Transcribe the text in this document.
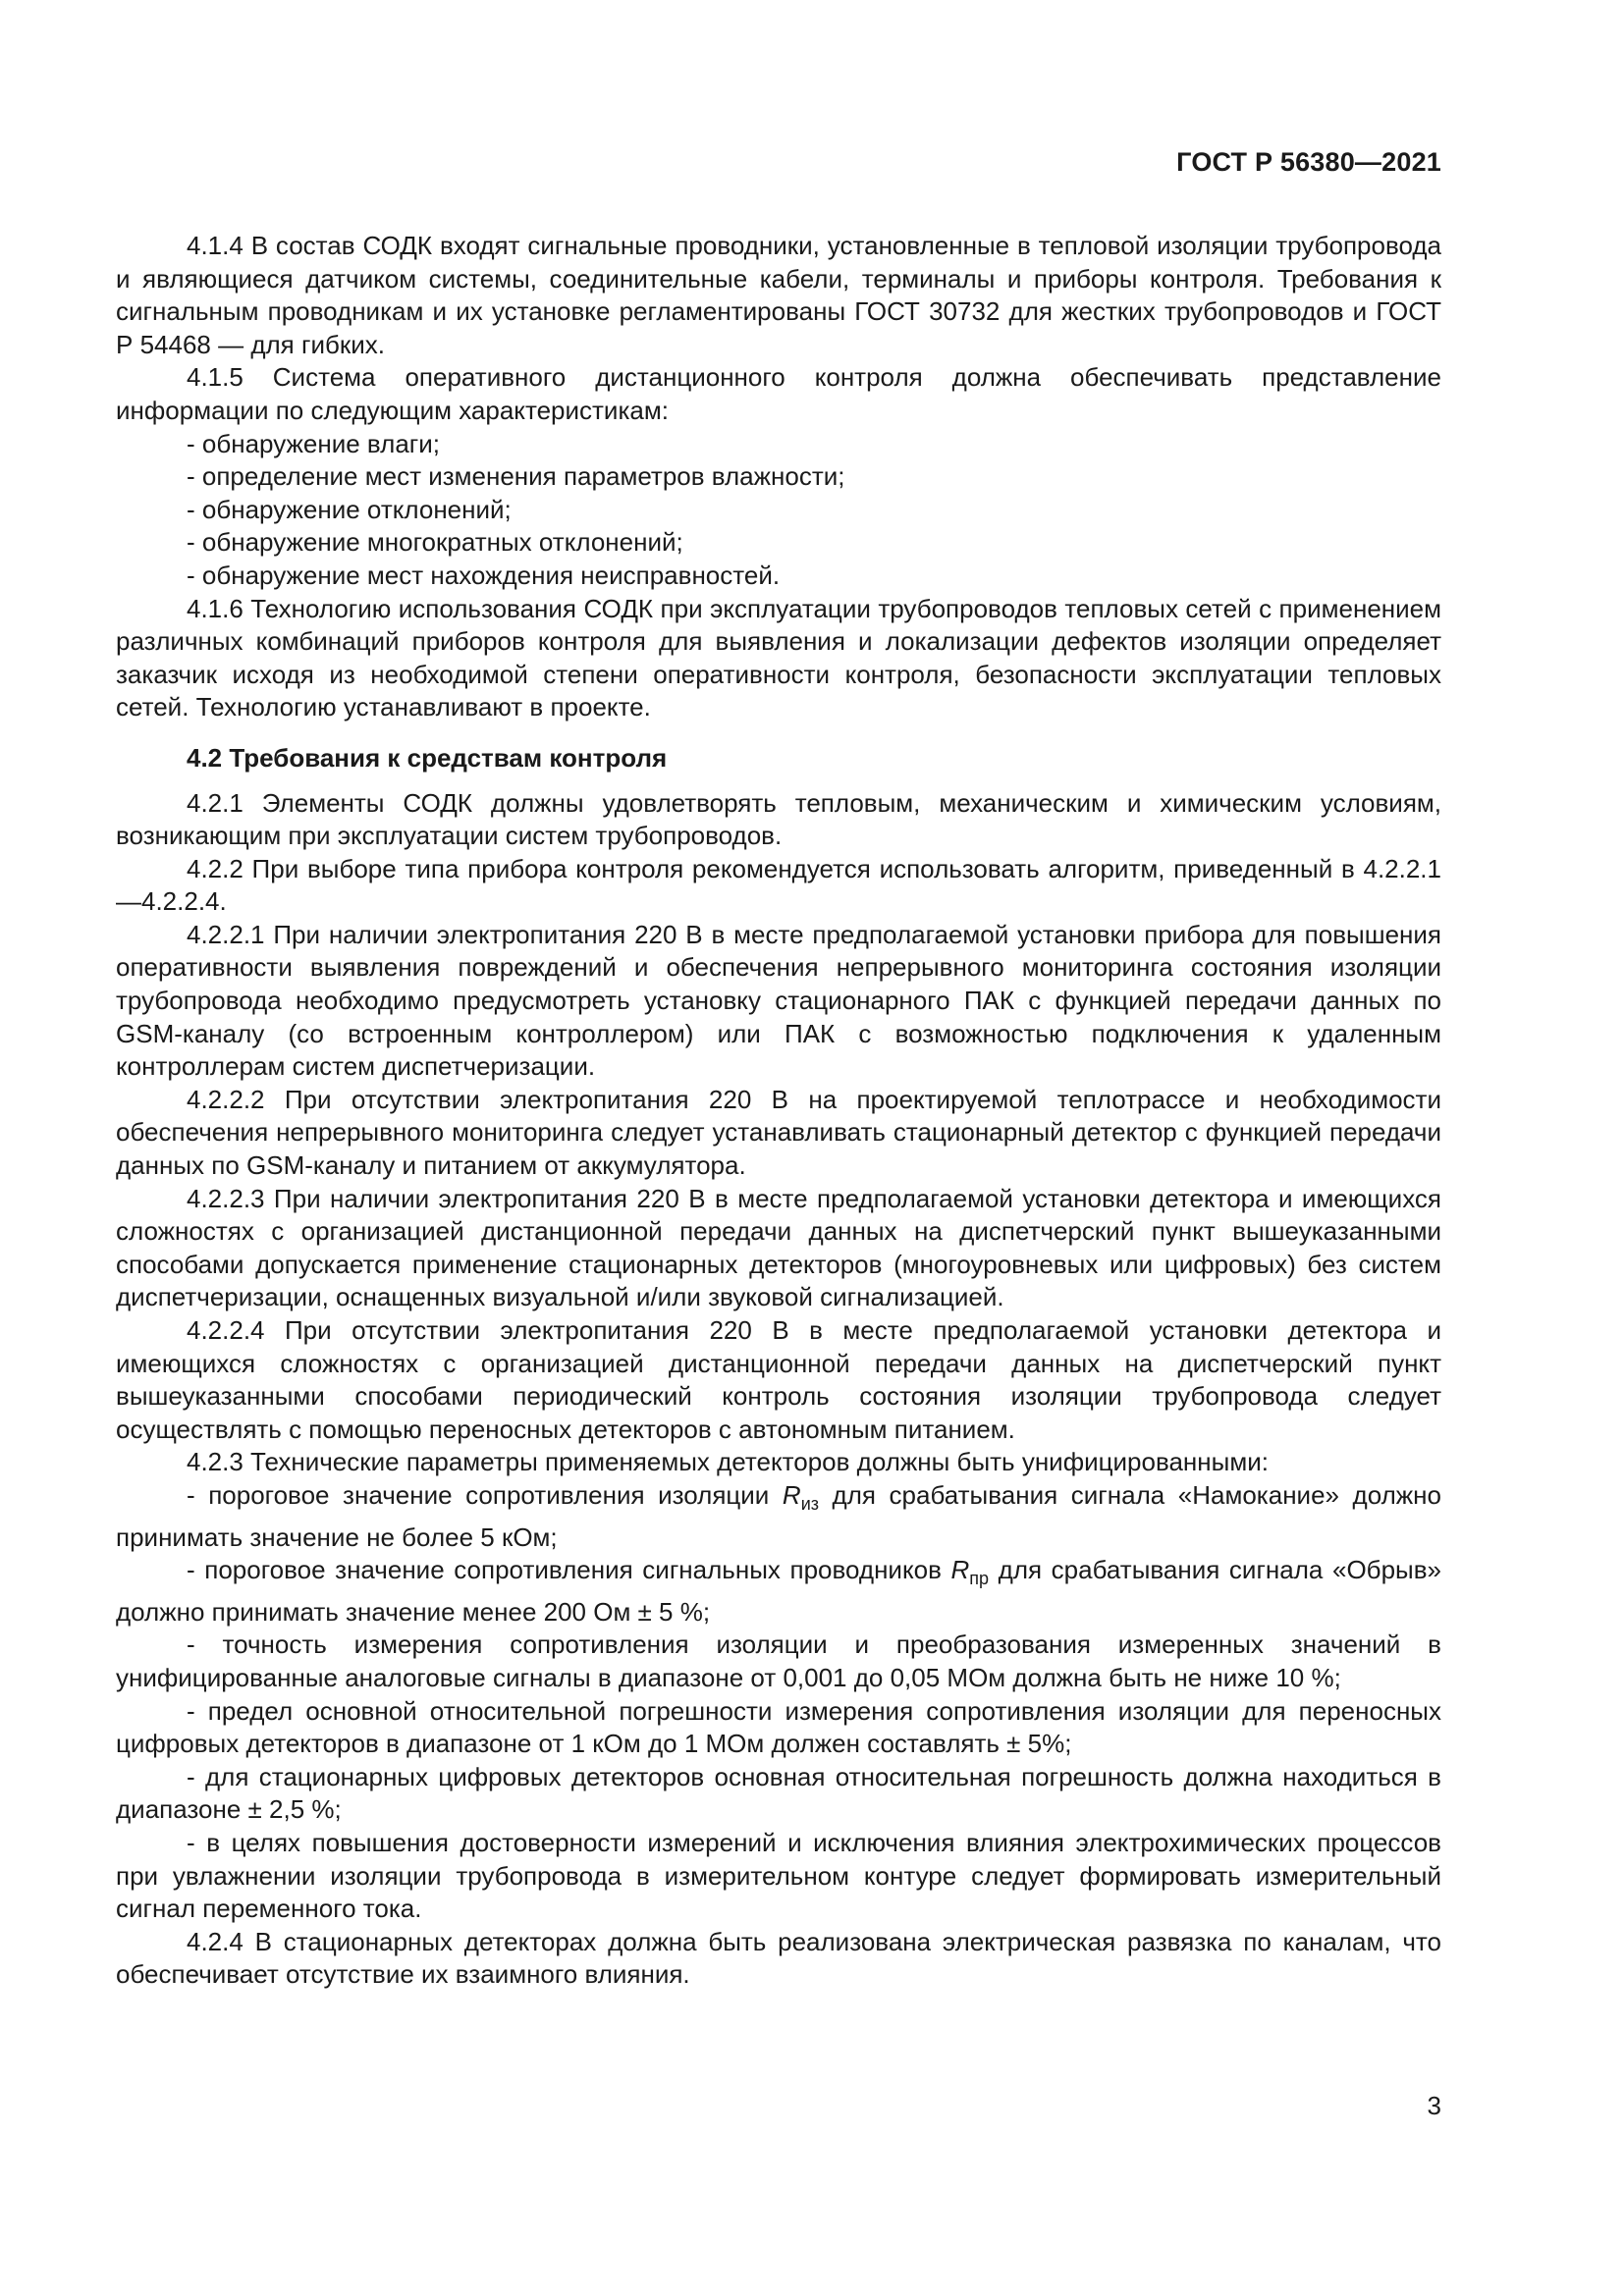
ГОСТ Р 56380—2021

4.1.4 В состав СОДК входят сигнальные проводники, установленные в тепловой изоляции трубопровода и являющиеся датчиком системы, соединительные кабели, терминалы и приборы контроля. Требования к сигнальным проводникам и их установке регламентированы ГОСТ 30732 для жестких трубопроводов и ГОСТ Р 54468 — для гибких.

4.1.5 Система оперативного дистанционного контроля должна обеспечивать представление информации по следующим характеристикам:

- обнаружение влаги;

- определение мест изменения параметров влажности;

- обнаружение отклонений;

- обнаружение многократных отклонений;

- обнаружение мест нахождения неисправностей.

4.1.6 Технологию использования СОДК при эксплуатации трубопроводов тепловых сетей с применением различных комбинаций приборов контроля для выявления и локализации дефектов изоляции определяет заказчик исходя из необходимой степени оперативности контроля, безопасности эксплуатации тепловых сетей. Технологию устанавливают в проекте.

4.2 Требования к средствам контроля

4.2.1 Элементы СОДК должны удовлетворять тепловым, механическим и химическим условиям, возникающим при эксплуатации систем трубопроводов.

4.2.2 При выборе типа прибора контроля рекомендуется использовать алгоритм, приведенный в 4.2.2.1—4.2.2.4.

4.2.2.1 При наличии электропитания 220 В в месте предполагаемой установки прибора для повышения оперативности выявления повреждений и обеспечения непрерывного мониторинга состояния изоляции трубопровода необходимо предусмотреть установку стационарного ПАК с функцией передачи данных по GSM-каналу (со встроенным контроллером) или ПАК с возможностью подключения к удаленным контроллерам систем диспетчеризации.

4.2.2.2 При отсутствии электропитания 220 В на проектируемой теплотрассе и необходимости обеспечения непрерывного мониторинга следует устанавливать стационарный детектор с функцией передачи данных по GSM-каналу и питанием от аккумулятора.

4.2.2.3 При наличии электропитания 220 В в месте предполагаемой установки детектора и имеющихся сложностях с организацией дистанционной передачи данных на диспетчерский пункт вышеуказанными способами допускается применение стационарных детекторов (многоуровневых или цифровых) без систем диспетчеризации, оснащенных визуальной и/или звуковой сигнализацией.

4.2.2.4 При отсутствии электропитания 220 В в месте предполагаемой установки детектора и имеющихся сложностях с организацией дистанционной передачи данных на диспетчерский пункт вышеуказанными способами периодический контроль состояния изоляции трубопровода следует осуществлять с помощью переносных детекторов с автономным питанием.

4.2.3 Технические параметры применяемых детекторов должны быть унифицированными:

- пороговое значение сопротивления изоляции $R_{из}$ для срабатывания сигнала «Намокание» должно принимать значение не более 5 кОм;

- пороговое значение сопротивления сигнальных проводников $R_{пр}$ для срабатывания сигнала «Обрыв» должно принимать значение менее 200 Ом ± 5 %;

- точность измерения сопротивления изоляции и преобразования измеренных значений в унифицированные аналоговые сигналы в диапазоне от 0,001 до 0,05 МОм должна быть не ниже 10 %;

- предел основной относительной погрешности измерения сопротивления изоляции для переносных цифровых детекторов в диапазоне от 1 кОм до 1 МОм должен составлять ± 5%;

- для стационарных цифровых детекторов основная относительная погрешность должна находиться в диапазоне ± 2,5 %;

- в целях повышения достоверности измерений и исключения влияния электрохимических процессов при увлажнении изоляции трубопровода в измерительном контуре следует формировать измерительный сигнал переменного тока.

4.2.4 В стационарных детекторах должна быть реализована электрическая развязка по каналам, что обеспечивает отсутствие их взаимного влияния.

3
